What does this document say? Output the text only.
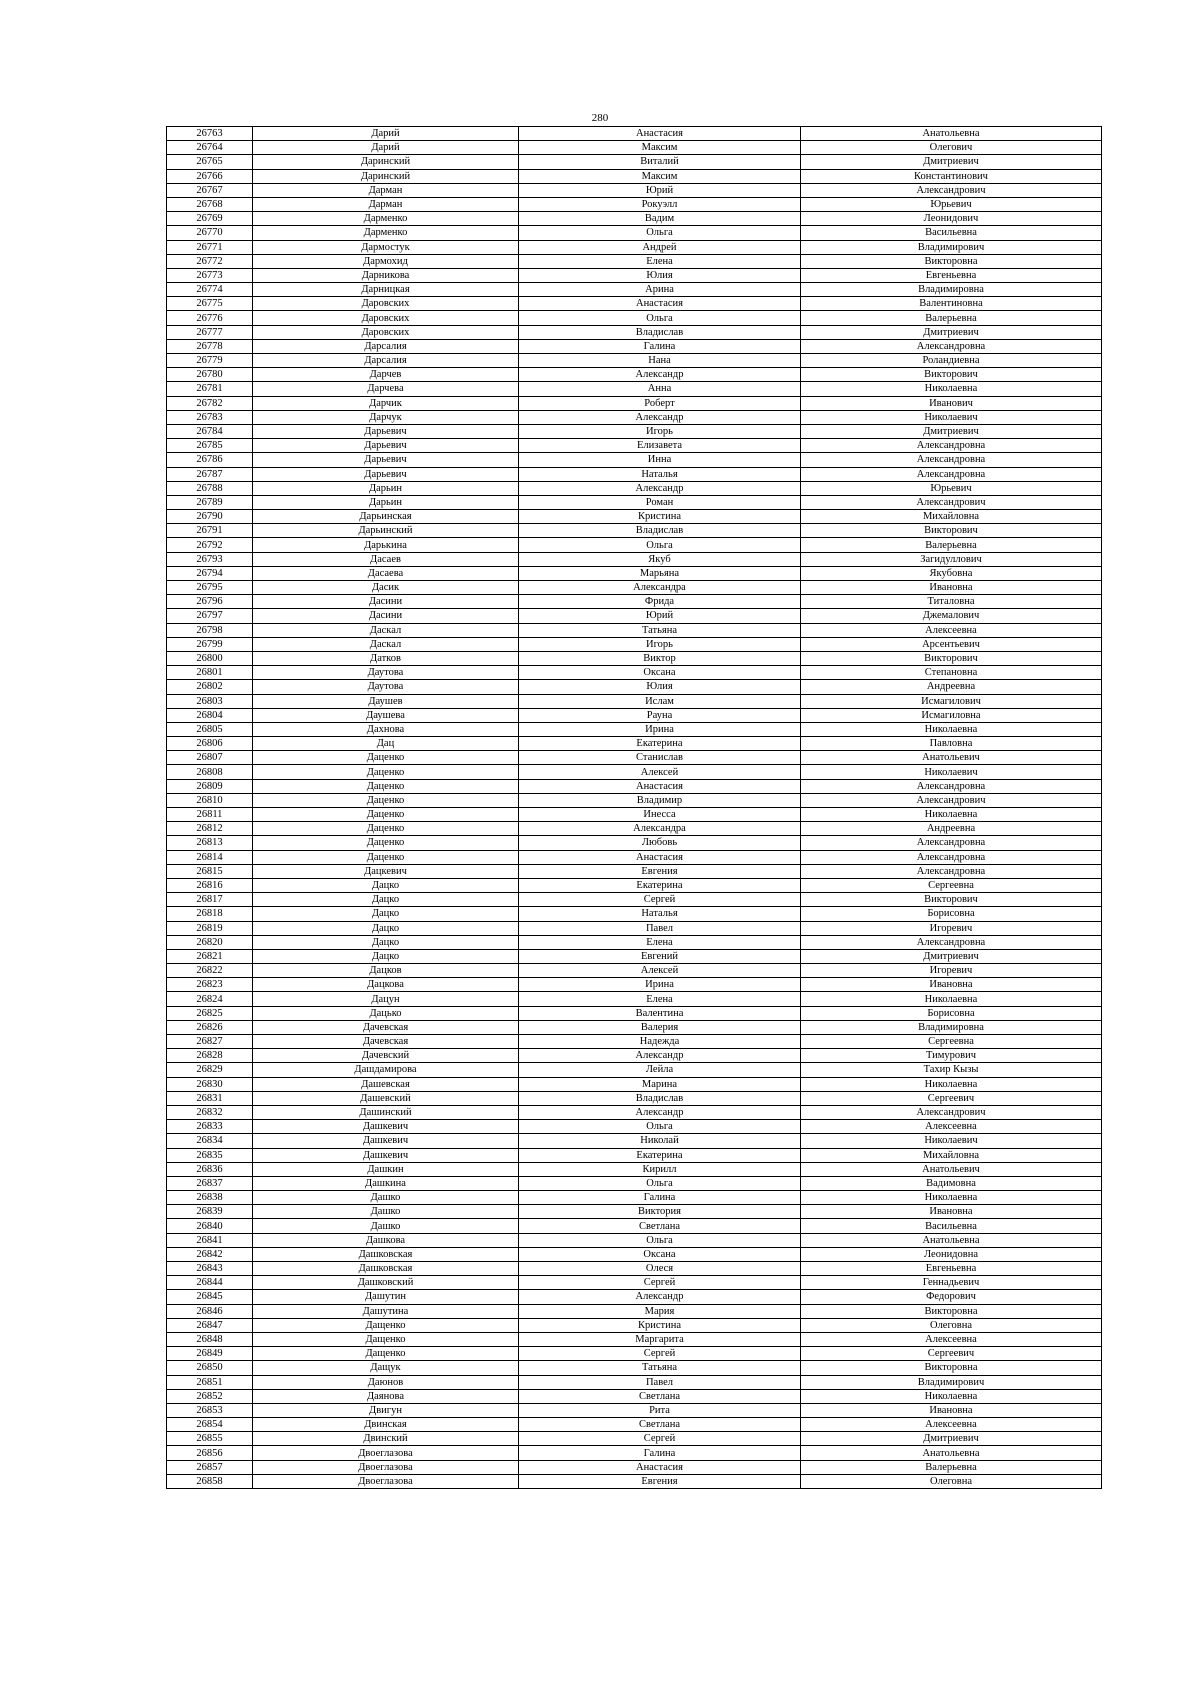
280
26763	Дарий	Анастасия	Анатольевна
26764	Дарий	Максим	Олегович
26765	Даринский	Виталий	Дмитриевич
26766	Даринский	Максим	Константинович
26767	Дарман	Юрий	Александрович
26768	Дарман	Рокуэлл	Юрьевич
26769	Дарменко	Вадим	Леонидович
26770	Дарменко	Ольга	Васильевна
26771	Дармостук	Андрей	Владимирович
26772	Дармохид	Елена	Викторовна
26773	Дарникова	Юлия	Евгеньевна
26774	Дарницкая	Арина	Владимировна
26775	Даровских	Анастасия	Валентиновна
26776	Даровских	Ольга	Валерьевна
26777	Даровских	Владислав	Дмитриевич
26778	Дарсалия	Галина	Александровна
26779	Дарсалия	Нана	Роландиевна
26780	Дарчев	Александр	Викторович
26781	Дарчева	Анна	Николаевна
26782	Дарчик	Роберт	Иванович
26783	Дарчук	Александр	Николаевич
26784	Дарьевич	Игорь	Дмитриевич
26785	Дарьевич	Елизавета	Александровна
26786	Дарьевич	Инна	Александровна
26787	Дарьевич	Наталья	Александровна
26788	Дарьин	Александр	Юрьевич
26789	Дарьин	Роман	Александрович
26790	Дарьинская	Кристина	Михайловна
26791	Дарьинский	Владислав	Викторович
26792	Дарькина	Ольга	Валерьевна
26793	Дасаев	Якуб	Загидуллович
26794	Дасаева	Марьяна	Якубовна
26795	Дасик	Александра	Ивановна
26796	Дасини	Фрида	Титаловна
26797	Дасини	Юрий	Джемалович
26798	Даскал	Татьяна	Алексеевна
26799	Даскал	Игорь	Арсентьевич
26800	Датков	Виктор	Викторович
26801	Даутова	Оксана	Степановна
26802	Даутова	Юлия	Андреевна
26803	Даушев	Ислам	Исмагилович
26804	Даушева	Рауна	Исмагиловна
26805	Дахнова	Ирина	Николаевна
26806	Дац	Екатерина	Павловна
26807	Даценко	Станислав	Анатольевич
26808	Даценко	Алексей	Николаевич
26809	Даценко	Анастасия	Александровна
26810	Даценко	Владимир	Александрович
26811	Даценко	Инесса	Николаевна
26812	Даценко	Александра	Андреевна
26813	Даценко	Любовь	Александровна
26814	Даценко	Анастасия	Александровна
26815	Дацкевич	Евгения	Александровна
26816	Дацко	Екатерина	Сергеевна
26817	Дацко	Сергей	Викторович
26818	Дацко	Наталья	Борисовна
26819	Дацко	Павел	Игоревич
26820	Дацко	Елена	Александровна
26821	Дацко	Евгений	Дмитриевич
26822	Дацков	Алексей	Игоревич
26823	Дацкова	Ирина	Ивановна
26824	Дацун	Елена	Николаевна
26825	Дацько	Валентина	Борисовна
26826	Дачевская	Валерия	Владимировна
26827	Дачевская	Надежда	Сергеевна
26828	Дачевский	Александр	Тимурович
26829	Дашдамирова	Лейла	Тахир Кызы
26830	Дашевская	Марина	Николаевна
26831	Дашевский	Владислав	Сергеевич
26832	Дашинский	Александр	Александрович
26833	Дашкевич	Ольга	Алексеевна
26834	Дашкевич	Николай	Николаевич
26835	Дашкевич	Екатерина	Михайловна
26836	Дашкин	Кирилл	Анатольевич
26837	Дашкина	Ольга	Вадимовна
26838	Дашко	Галина	Николаевна
26839	Дашко	Виктория	Ивановна
26840	Дашко	Светлана	Васильевна
26841	Дашкова	Ольга	Анатольевна
26842	Дашковская	Оксана	Леонидовна
26843	Дашковская	Олеся	Евгеньевна
26844	Дашковский	Сергей	Геннадьевич
26845	Дашутин	Александр	Федорович
26846	Дашутина	Мария	Викторовна
26847	Дащенко	Кристина	Олеговна
26848	Дащенко	Маргарита	Алексеевна
26849	Дащенко	Сергей	Сергеевич
26850	Дащук	Татьяна	Викторовна
26851	Даюнов	Павел	Владимирович
26852	Даянова	Светлана	Николаевна
26853	Двигун	Рита	Ивановна
26854	Двинская	Светлана	Алексеевна
26855	Двинский	Сергей	Дмитриевич
26856	Двоеглазова	Галина	Анатольевна
26857	Двоеглазова	Анастасия	Валерьевна
26858	Двоеглазова	Евгения	Олеговна
